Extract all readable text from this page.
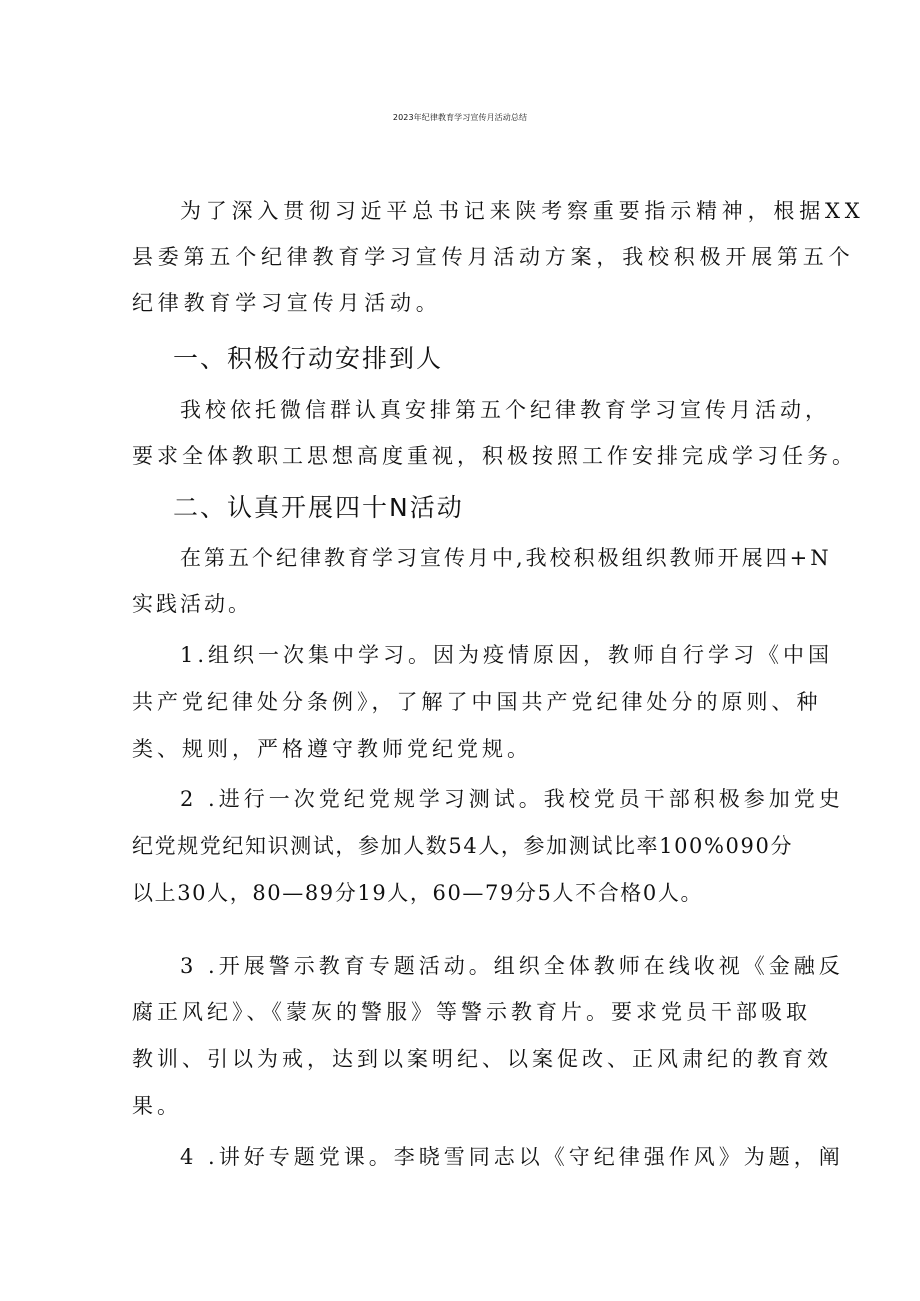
2023年纪律教育学习宣传月活动总结
为了深入贯彻习近平总书记来陕考察重要指示精神，根据XX
县委第五个纪律教育学习宣传月活动方案，我校积极开展第五个
纪律教育学习宣传月活动。
一、积极行动安排到人
我校依托微信群认真安排第五个纪律教育学习宣传月活动，
要求全体教职工思想高度重视，积极按照工作安排完成学习任务。
二、认真开展四十N活动
在第五个纪律教育学习宣传月中,我校积极组织教师开展四+N
实践活动。
1.组织一次集中学习。因为疫情原因，教师自行学习《中国
共产党纪律处分条例》，了解了中国共产党纪律处分的原则、种
类、规则，严格遵守教师党纪党规。
2 .进行一次党纪党规学习测试。我校党员干部积极参加党史
纪党规党纪知识测试，参加人数54人，参加测试比率100%090分
以上30人，80—89分19人，60—79分5人不合格0人。
3 .开展警示教育专题活动。组织全体教师在线收视《金融反
腐正风纪》、《蒙灰的警服》等警示教育片。要求党员干部吸取
教训、引以为戒，达到以案明纪、以案促改、正风肃纪的教育效
果。
4 .讲好专题党课。李晓雪同志以《守纪律强作风》为题，阐
